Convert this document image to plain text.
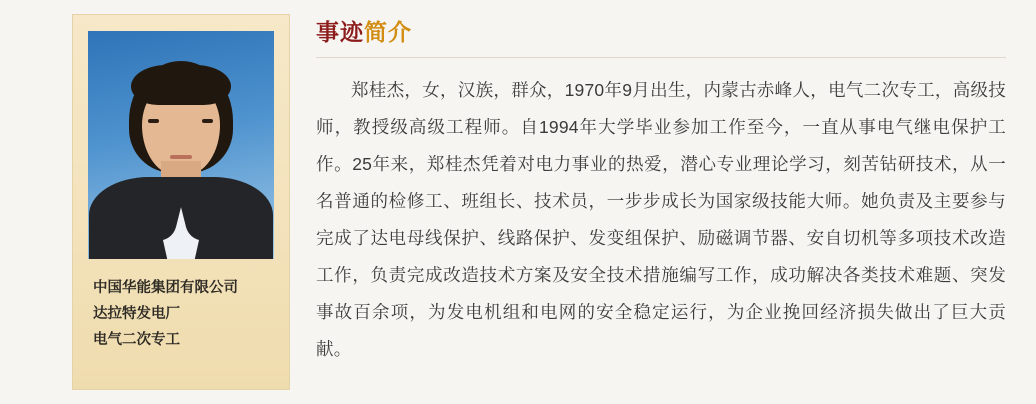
中国华能集团有限公司
达拉特发电厂
电气二次专工
事迹简介
郑桂杰，女，汉族，群众，1970年9月出生，内蒙古赤峰人，电气二次专工，高级技师，教授级高级工程师。自1994年大学毕业参加工作至今，一直从事电气继电保护工作。25年来，郑桂杰凭着对电力事业的热爱，潜心专业理论学习，刻苦钻研技术，从一名普通的检修工、班组长、技术员，一步步成长为国家级技能大师。她负责及主要参与完成了达电母线保护、线路保护、发变组保护、励磁调节器、安自切机等多项技术改造工作，负责完成改造技术方案及安全技术措施编写工作，成功解决各类技术难题、突发事故百余项，为发电机组和电网的安全稳定运行，为企业挽回经济损失做出了巨大贡献。
